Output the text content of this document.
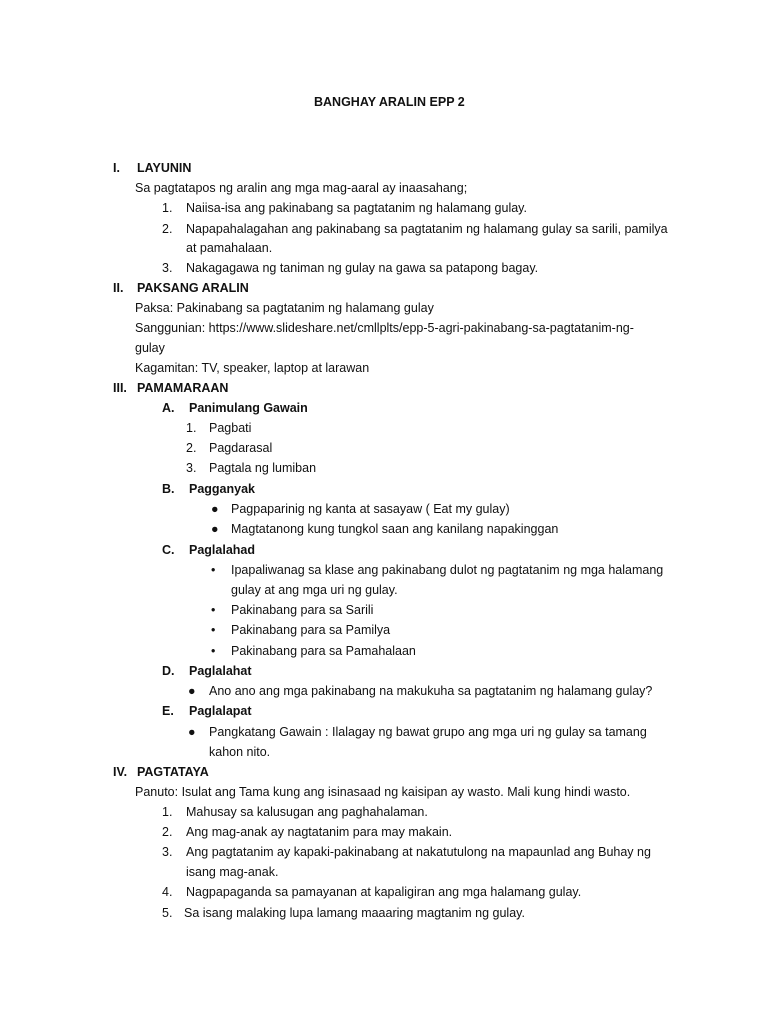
BANGHAY ARALIN EPP 2
I. LAYUNIN
Sa pagtatapos ng aralin ang mga mag-aaral ay inaasahang;
1. Naiisa-isa ang pakinabang sa pagtatanim ng halamang gulay.
2. Napapahalagahan ang pakinabang sa pagtatanim ng halamang gulay sa sarili, pamilya
at pamahalaan.
3. Nakagagawa ng taniman ng gulay na gawa sa patapong bagay.
II. PAKSANG ARALIN
Paksa: Pakinabang sa pagtatanim ng halamang gulay
Sanggunian: https://www.slideshare.net/cmllplts/epp-5-agri-pakinabang-sa-pagtatanim-ng-
gulay
Kagamitan: TV, speaker, laptop at larawan
III. PAMAMARAAN
A. Panimulang Gawain
1. Pagbati
2. Pagdarasal
3. Pagtala ng lumiban
B. Pagganyak
● Pagpaparinig ng kanta at sasayaw ( Eat my gulay)
● Magtatanong kung tungkol saan ang kanilang napakinggan
C. Paglalahad
• Ipapaliwanag sa klase ang pakinabang dulot ng pagtatanim ng mga halamang
gulay at ang mga uri ng gulay.
• Pakinabang para sa Sarili
• Pakinabang para sa Pamilya
• Pakinabang para sa Pamahalaan
D. Paglalahat
● Ano ano ang mga pakinabang na makukuha sa pagtatanim ng halamang gulay?
E. Paglalapat
● Pangkatang Gawain : Ilalagay ng bawat grupo ang mga uri ng gulay sa tamang
kahon nito.
IV. PAGTATAYA
Panuto: Isulat ang Tama kung ang isinasaad ng kaisipan ay wasto. Mali kung hindi wasto.
1. Mahusay sa kalusugan ang paghahalaman.
2. Ang mag-anak ay nagtatanim para may makain.
3. Ang pagtatanim ay kapaki-pakinabang at nakatutulong na mapaunlad ang Buhay ng
isang mag-anak.
4. Nagpapaganda sa pamayanan at kapaligiran ang mga halamang gulay.
5. Sa isang malaking lupa lamang maaaring magtanim ng gulay.
